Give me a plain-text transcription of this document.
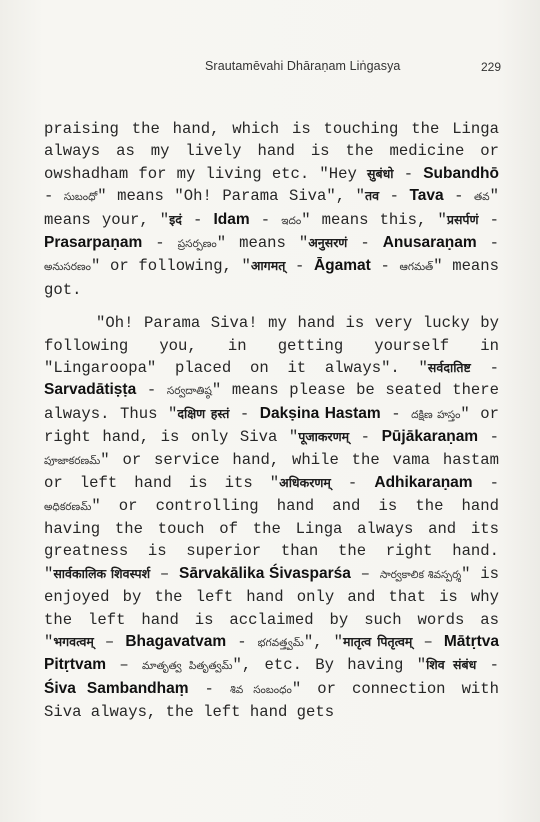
Srautamēvahi Dhāraṇam Liṅgasya	229

praising the hand, which is touching the Linga always as my lively hand is the medicine or owshadham for my living etc. "Hey सुबंधो - Subandhō - సుబంధో" means "Oh! Parama Siva", "तव - Tava - తవ" means your, "इदं - Idam - ఇదం" means this, "प्रसर्पणं - Prasarpaṇam - ప్రసర్పణం" means "अनुसरणं - Anusaraṇam - అనుసరణం" or following, "आगमत् - Āgamat - ఆగమత్" means got.

"Oh! Parama Siva! my hand is very lucky by following you, in getting yourself in "Lingaroopa" placed on it always". "सर्वदातिष्ट - Sarvadātiṣṭa - సర్వదాతిష్ఠ" means please be seated there always. Thus "दक्षिण हस्तं - Dakṣina Hastam - దక్షిణ హస్తం" or right hand, is only Siva "पूजाकरणम् - Pūjākaraṇam - పూజాకరణమ్" or service hand, while the vama hastam or left hand is its "अधिकरणम् - Adhikaraṇam - అధికరణమ్" or controlling hand and is the hand having the touch of the Linga always and its greatness is superior than the right hand. "सार्वकालिक शिवस्पर्श – Sārvakālika Śivasparśa – సార్వకాలిక శివస్పర్శ" is enjoyed by the left hand only and that is why the left hand is acclaimed by such words as "भगवत्वम् – Bhagavatvam - భగవత్త్వమ్", "मातृत्व पितृत्वम् – Mātṛtva Pitṛtvam – మాతృత్వ పితృత్వమ్", etc. By having "शिव संबंध - Śiva Sambandhaṃ - శివ సంబంధం" or connection with Siva always, the left hand gets
